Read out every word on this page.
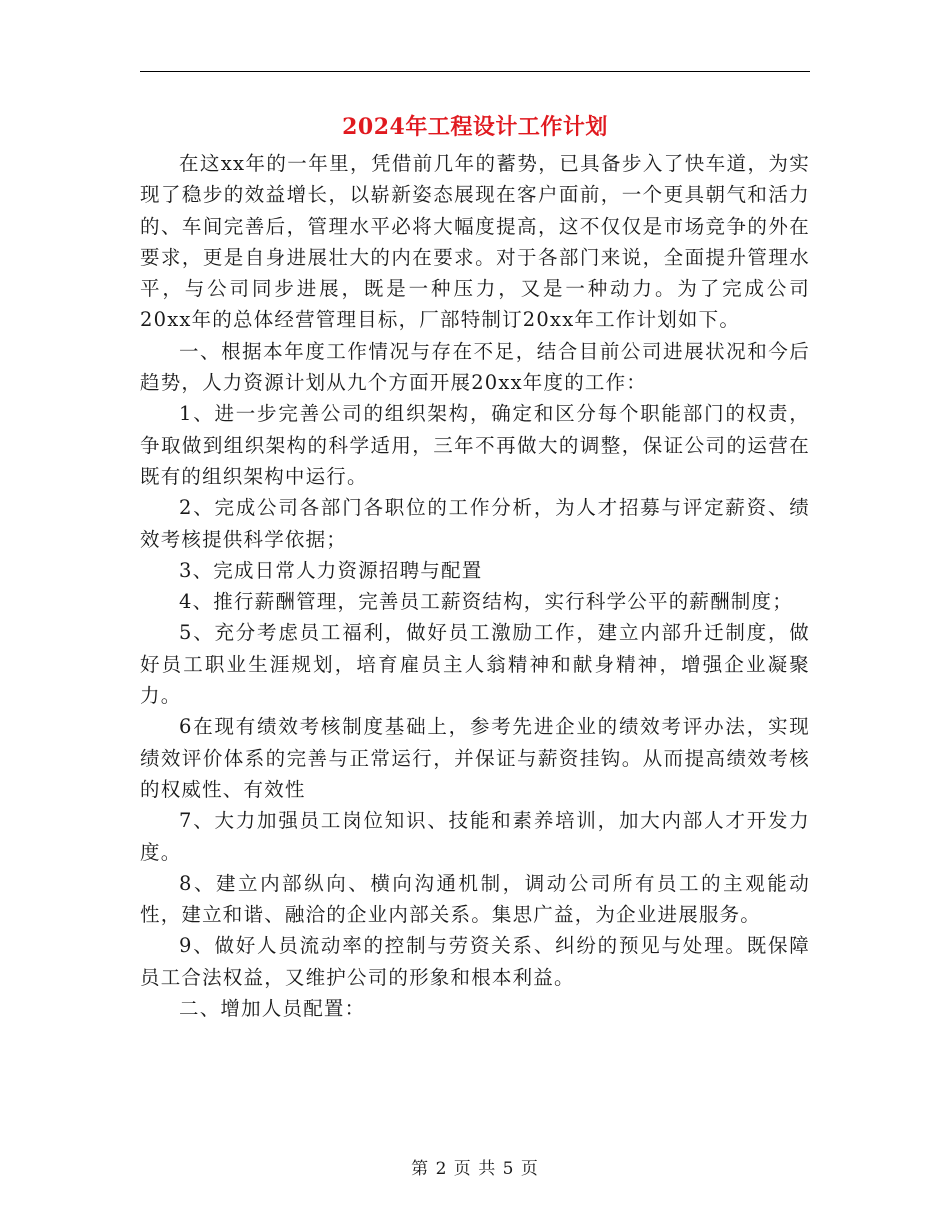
2024年工程设计工作计划

在这xx年的一年里，凭借前几年的蓄势，已具备步入了快车道，为实现了稳步的效益增长，以崭新姿态展现在客户面前，一个更具朝气和活力的、车间完善后，管理水平必将大幅度提高，这不仅仅是市场竞争的外在要求，更是自身进展壮大的内在要求。对于各部门来说，全面提升管理水平，与公司同步进展，既是一种压力，又是一种动力。为了完成公司20xx年的总体经营管理目标，厂部特制订20xx年工作计划如下。

一、根据本年度工作情况与存在不足，结合目前公司进展状况和今后趋势，人力资源计划从九个方面开展20xx年度的工作：

1、进一步完善公司的组织架构，确定和区分每个职能部门的权责，争取做到组织架构的科学适用，三年不再做大的调整，保证公司的运营在既有的组织架构中运行。

2、完成公司各部门各职位的工作分析，为人才招募与评定薪资、绩效考核提供科学依据；

3、完成日常人力资源招聘与配置

4、推行薪酬管理，完善员工薪资结构，实行科学公平的薪酬制度；

5、充分考虑员工福利，做好员工激励工作，建立内部升迁制度，做好员工职业生涯规划，培育雇员主人翁精神和献身精神，增强企业凝聚力。

6在现有绩效考核制度基础上，参考先进企业的绩效考评办法，实现绩效评价体系的完善与正常运行，并保证与薪资挂钩。从而提高绩效考核的权威性、有效性

7、大力加强员工岗位知识、技能和素养培训，加大内部人才开发力度。

8、建立内部纵向、横向沟通机制，调动公司所有员工的主观能动性，建立和谐、融洽的企业内部关系。集思广益，为企业进展服务。

9、做好人员流动率的控制与劳资关系、纠纷的预见与处理。既保障员工合法权益，又维护公司的形象和根本利益。

二、增加人员配置：

第 2 页 共 5 页
